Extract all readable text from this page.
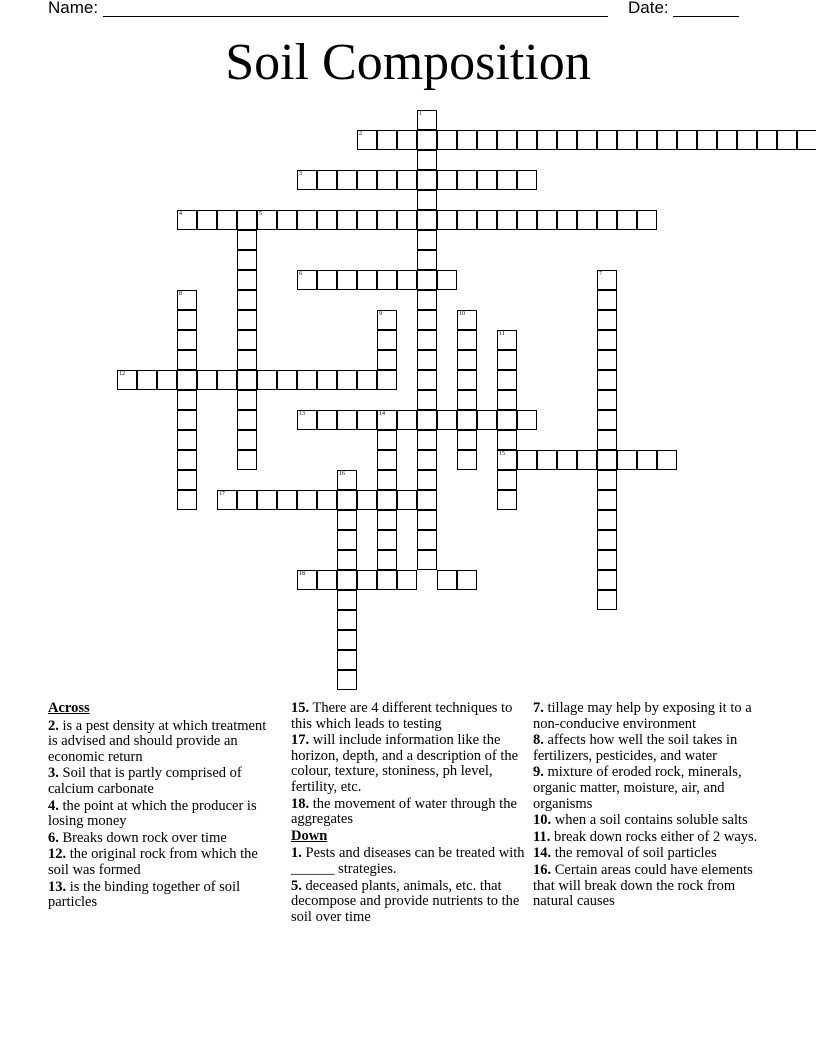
Name:	Date:
Soil Composition
1
2
3
4	5
6	7
8
9	10
11
15
12
13	14
16
17
18
Across
2. is a pest density at which treatment is advised and should provide an economic return
3. Soil that is partly comprised of calcium carbonate
4. the point at which the producer is losing money
6. Breaks down rock over time
12. the original rock from which the soil was formed
13. is the binding together of soil particles
15. There are 4 different techniques to this which leads to testing
17. will include information like the horizon, depth, and a description of the colour, texture, stoniness, ph level, fertility, etc.
18. the movement of water through the aggregates
Down
1. Pests and diseases can be treated with ______ strategies.
5. deceased plants, animals, etc. that decompose and provide nutrients to the soil over time
7. tillage may help by exposing it to a non-conducive environment
8. affects how well the soil takes in fertilizers, pesticides, and water
9. mixture of eroded rock, minerals, organic matter, moisture, air, and organisms
10. when a soil contains soluble salts
11. break down rocks either of 2 ways.
14. the removal of soil particles
16. Certain areas could have elements that will break down the rock from natural causes
